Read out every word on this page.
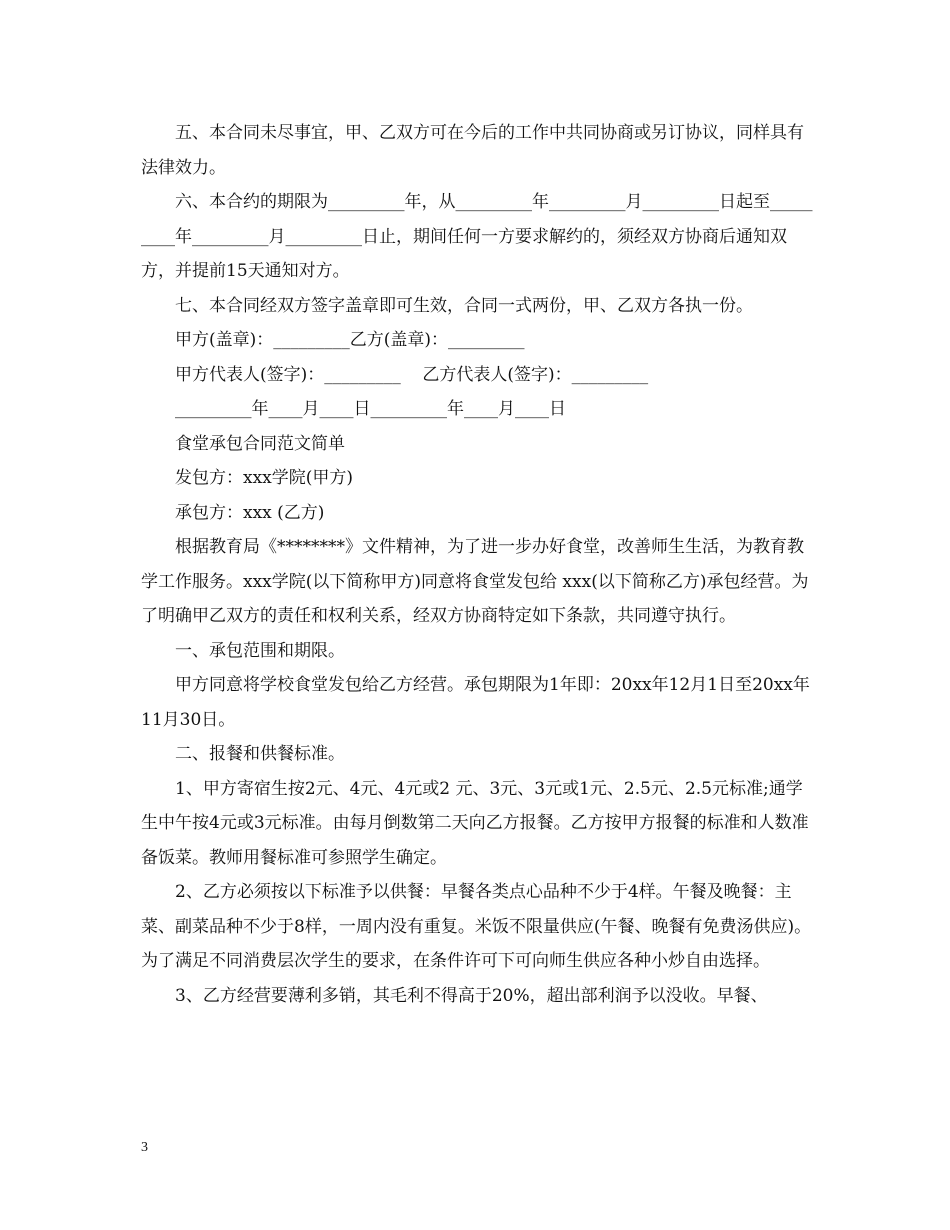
五、本合同未尽事宜，甲、乙双方可在今后的工作中共同协商或另订协议，同样具有法律效力。

六、本合约的期限为_________年，从_________年_________月_________日起至_________年_________月_________日止，期间任何一方要求解约的，须经双方协商后通知双方，并提前15天通知对方。

七、本合同经双方签字盖章即可生效，合同一式两份，甲、乙双方各执一份。

甲方(盖章)：_________乙方(盖章)：_________

甲方代表人(签字)：_________    乙方代表人(签字)：_________

_________年____月____日_________年____月____日

食堂承包合同范文简单

发包方：xxx学院(甲方)

承包方：xxx (乙方)

根据教育局《********》文件精神，为了进一步办好食堂，改善师生生活，为教育教学工作服务。xxx学院(以下简称甲方)同意将食堂发包给 xxx(以下简称乙方)承包经营。为了明确甲乙双方的责任和权利关系，经双方协商特定如下条款，共同遵守执行。

一、承包范围和期限。

甲方同意将学校食堂发包给乙方经营。承包期限为1年即：20xx年12月1日至20xx年11月30日。

二、报餐和供餐标准。

1、甲方寄宿生按2元、4元、4元或2 元、3元、3元或1元、2.5元、2.5元标准;通学生中午按4元或3元标准。由每月倒数第二天向乙方报餐。乙方按甲方报餐的标准和人数准备饭菜。教师用餐标准可参照学生确定。

2、乙方必须按以下标准予以供餐：早餐各类点心品种不少于4样。午餐及晚餐：主菜、副菜品种不少于8样，一周内没有重复。米饭不限量供应(午餐、晚餐有免费汤供应)。为了满足不同消费层次学生的要求，在条件许可下可向师生供应各种小炒自由选择。

3、乙方经营要薄利多销，其毛利不得高于20%，超出部利润予以没收。早餐、

3
